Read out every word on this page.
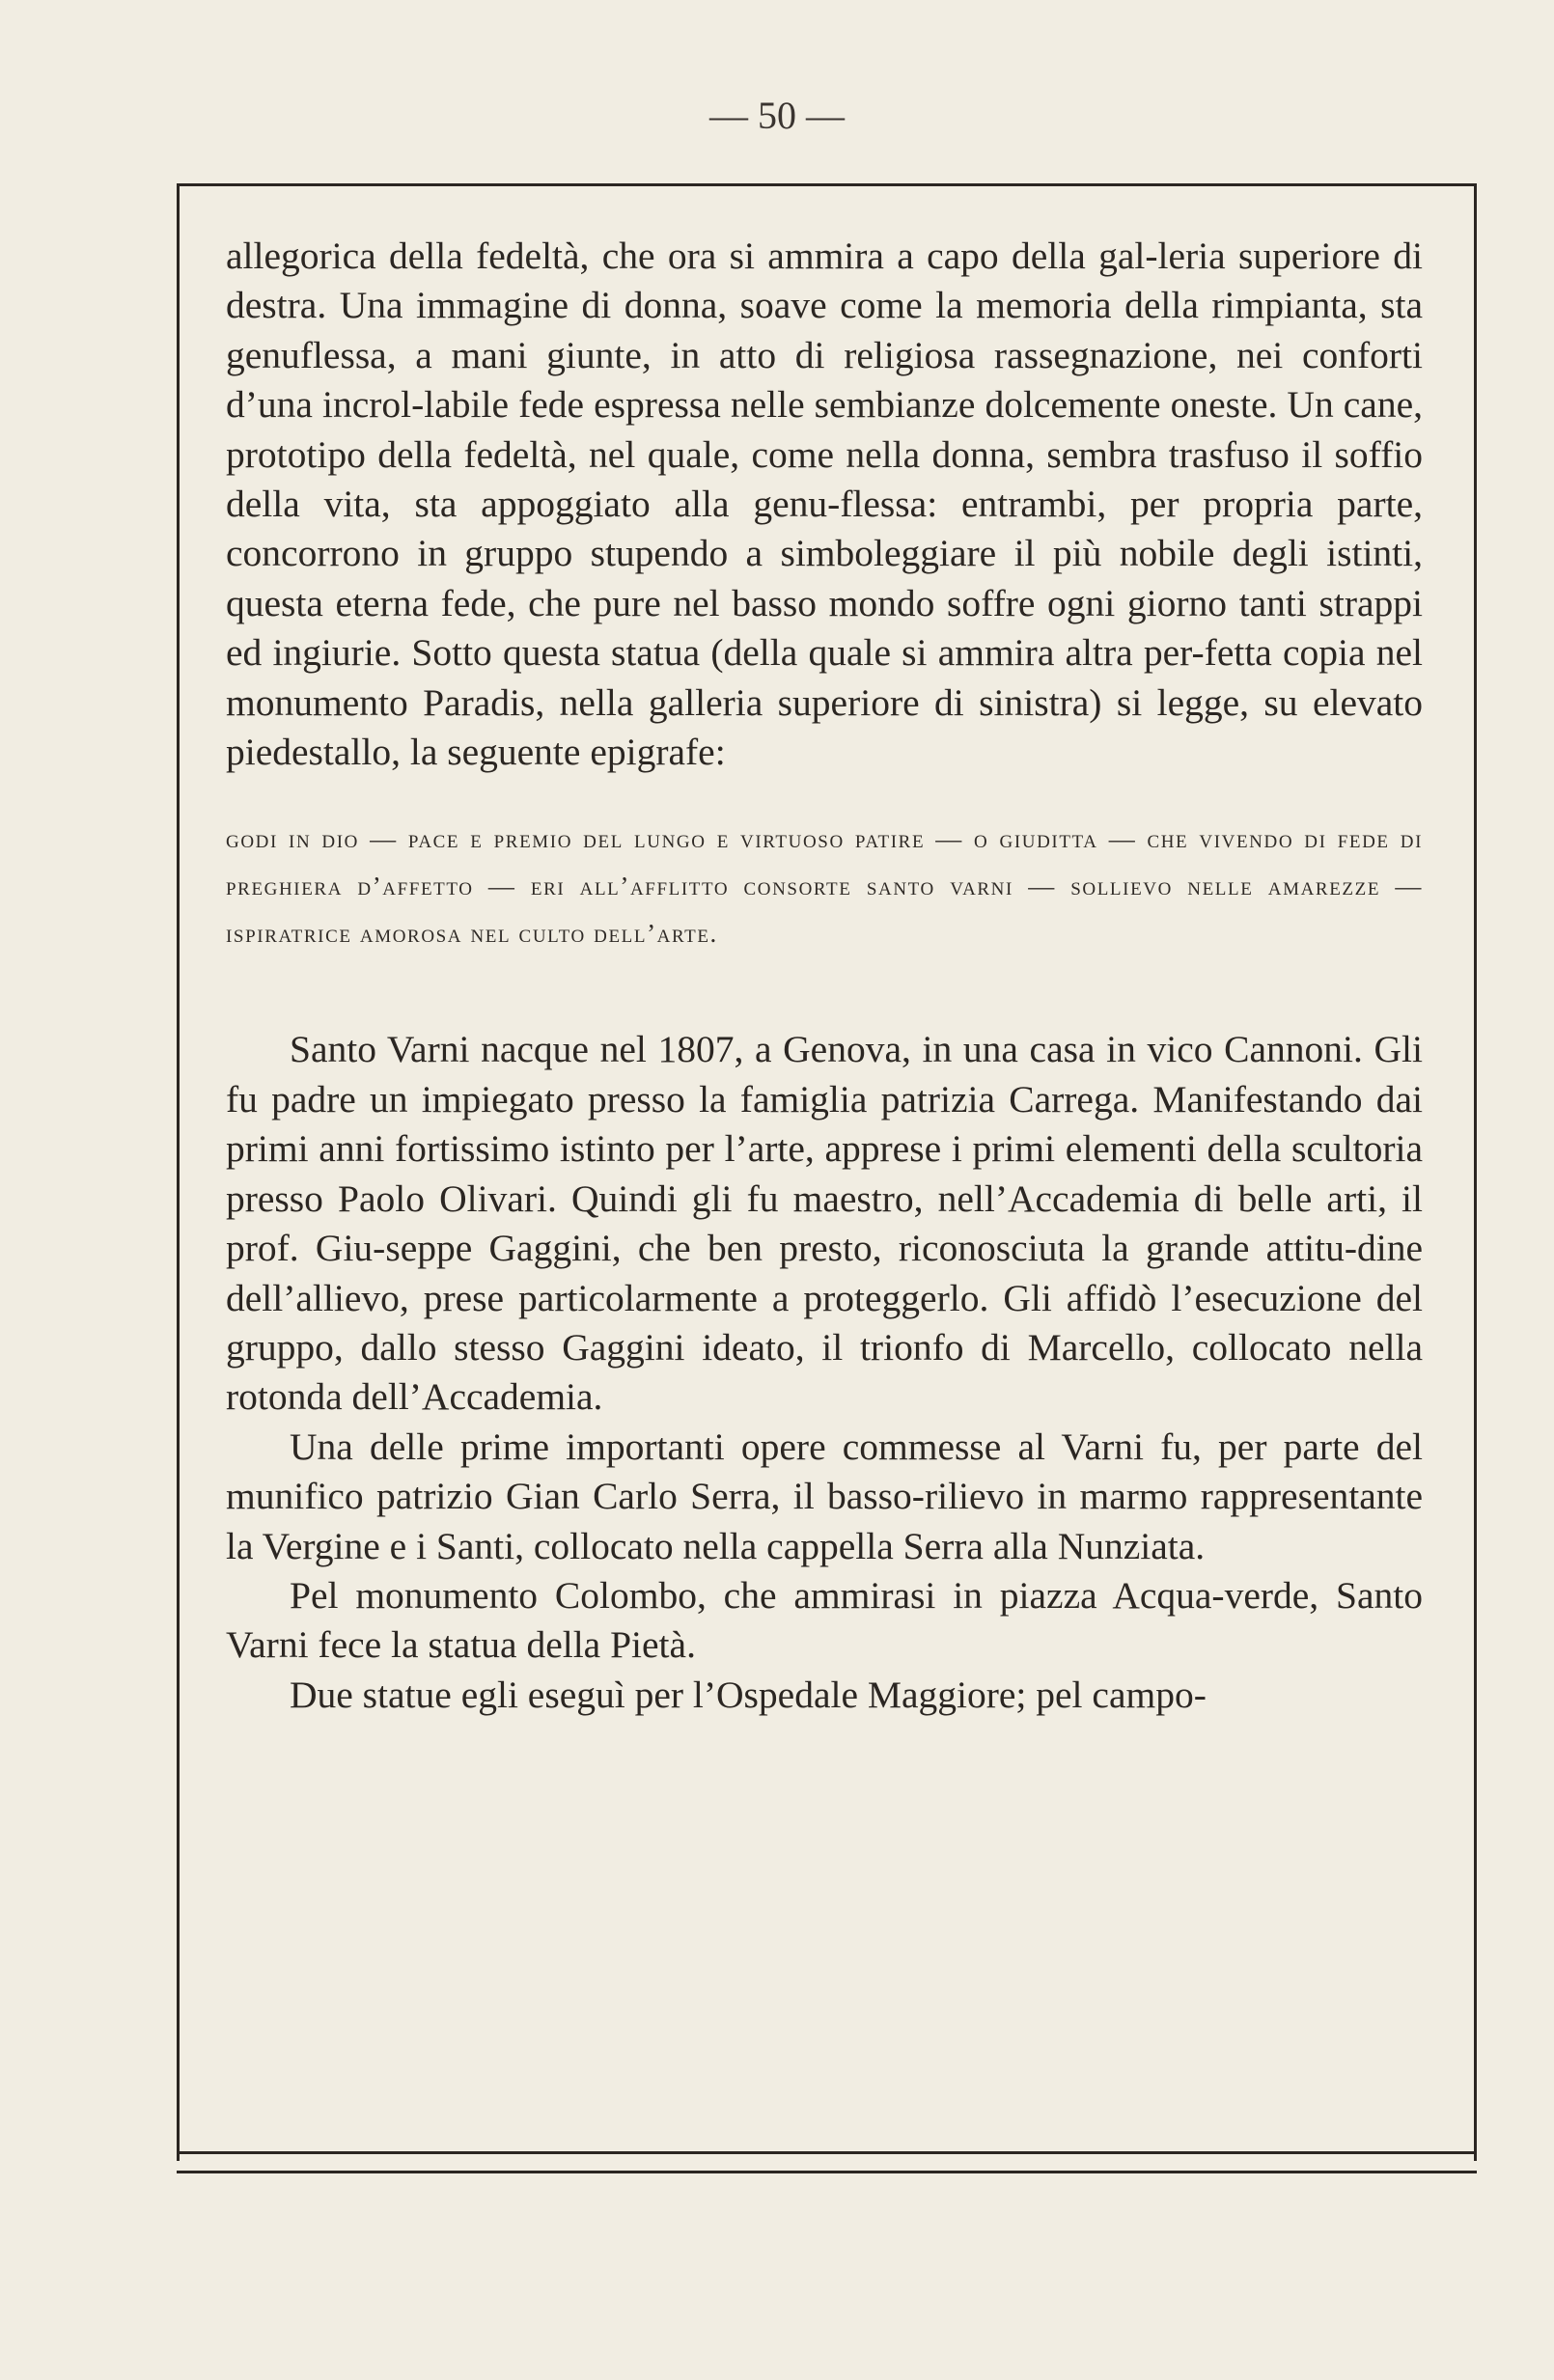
— 50 —

allegorica della fedeltà, che ora si ammira a capo della gal-leria superiore di destra. Una immagine di donna, soave come la memoria della rimpianta, sta genuflessa, a mani giunte, in atto di religiosa rassegnazione, nei conforti d’una incrol-labile fede espressa nelle sembianze dolcemente oneste. Un cane, prototipo della fedeltà, nel quale, come nella donna, sembra trasfuso il soffio della vita, sta appoggiato alla genu-flessa: entrambi, per propria parte, concorrono in gruppo stupendo a simboleggiare il più nobile degli istinti, questa eterna fede, che pure nel basso mondo soffre ogni giorno tanti strappi ed ingiurie. Sotto questa statua (della quale si ammira altra per-fetta copia nel monumento Paradis, nella galleria superiore di sinistra) si legge, su elevato piedestallo, la seguente epigrafe:

godi in dio — pace e premio del lungo e virtuoso patire — o giuditta — che vivendo di fede di preghiera d’affetto — eri all’afflitto consorte santo varni — sollievo nelle amarezze — ispiratrice amorosa nel culto dell’arte.

Santo Varni nacque nel 1807, a Genova, in una casa in vico Cannoni. Gli fu padre un impiegato presso la famiglia patrizia Carrega. Manifestando dai primi anni fortissimo istinto per l’arte, apprese i primi elementi della scultoria presso Paolo Olivari. Quindi gli fu maestro, nell’Accademia di belle arti, il prof. Giu-seppe Gaggini, che ben presto, riconosciuta la grande attitu-dine dell’allievo, prese particolarmente a proteggerlo. Gli affidò l’esecuzione del gruppo, dallo stesso Gaggini ideato, il trionfo di Marcello, collocato nella rotonda dell’Accademia.

Una delle prime importanti opere commesse al Varni fu, per parte del munifico patrizio Gian Carlo Serra, il basso-rilievo in marmo rappresentante la Vergine e i Santi, collocato nella cappella Serra alla Nunziata.

Pel monumento Colombo, che ammirasi in piazza Acqua-verde, Santo Varni fece la statua della Pietà.

Due statue egli eseguì per l’Ospedale Maggiore; pel campo-
